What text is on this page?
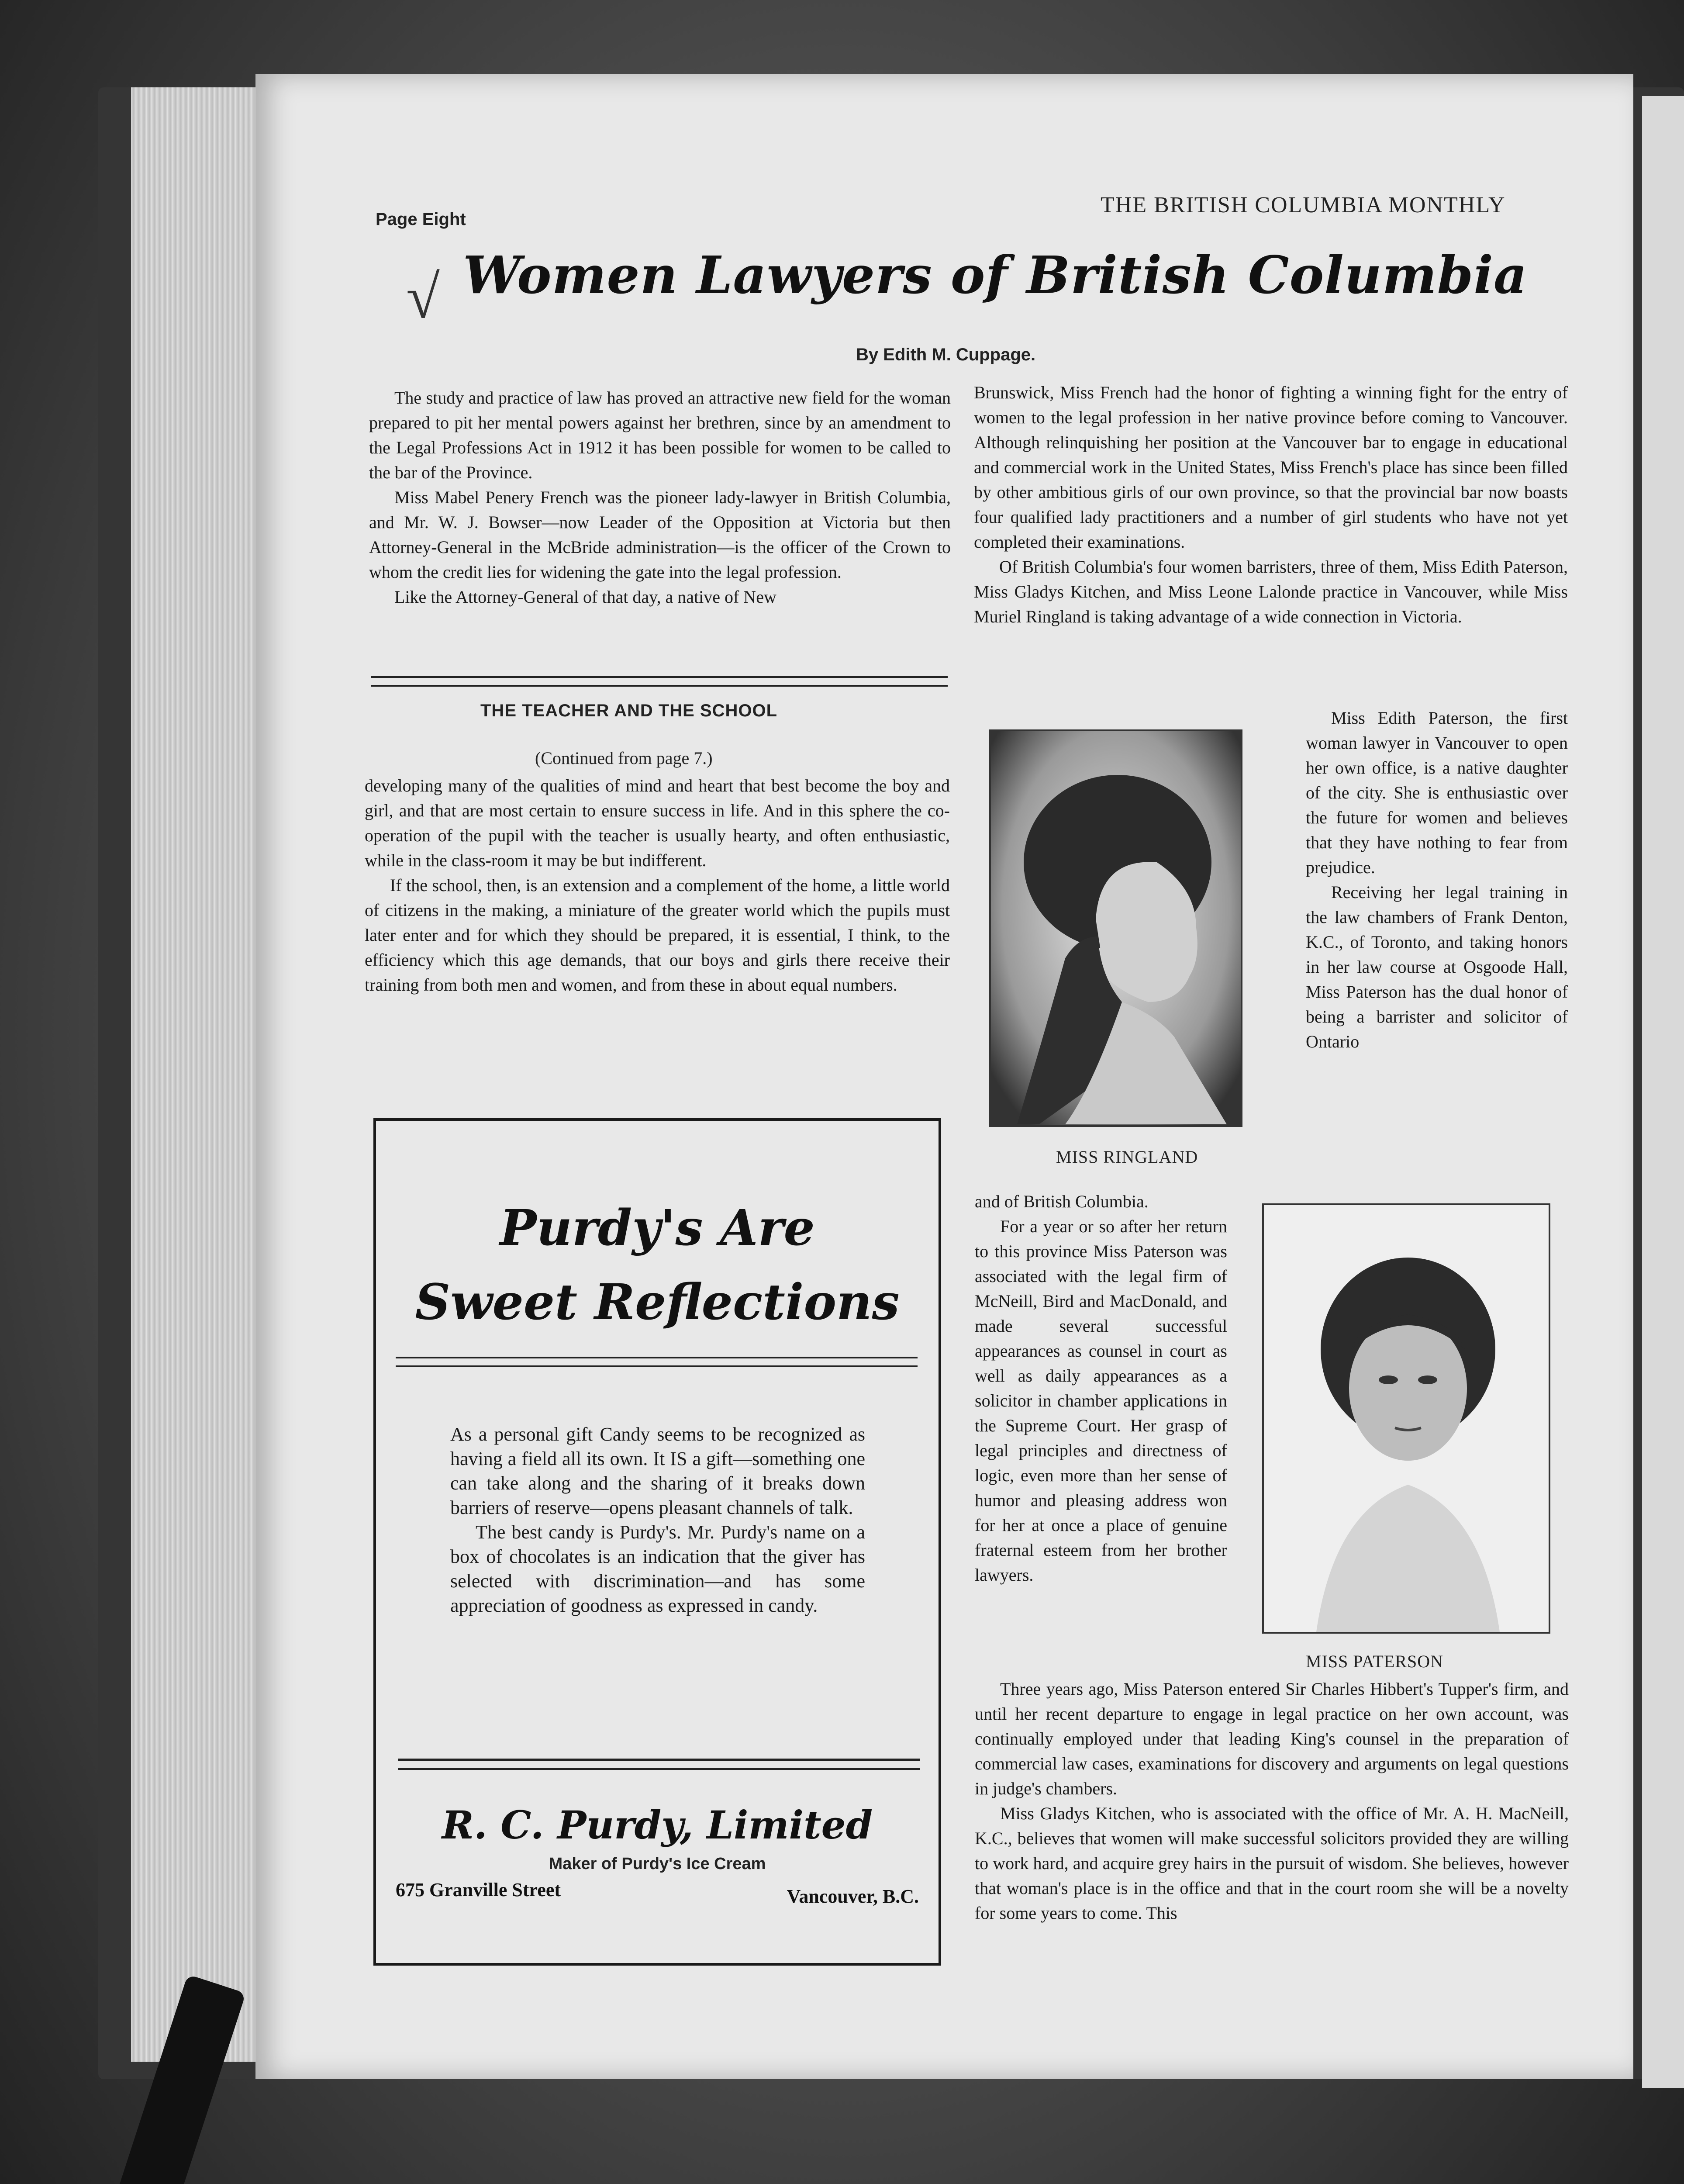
Page Eight
THE BRITISH COLUMBIA MONTHLY
√ Women Lawyers of British Columbia
By Edith M. Cuppage.

The study and practice of law has proved an attractive new field for the woman prepared to pit her mental powers against her brethren, since by an amendment to the Legal Professions Act in 1912 it has been possible for women to be called to the bar of the Province.

Miss Mabel Penery French was the pioneer lady-lawyer in British Columbia, and Mr. W. J. Bowser—now Leader of the Opposition at Victoria but then Attorney-General in the McBride administration—is the officer of the Crown to whom the credit lies for widening the gate into the legal profession.

Like the Attorney-General of that day, a native of New

Brunswick, Miss French had the honor of fighting a winning fight for the entry of women to the legal profession in her native province before coming to Vancouver. Although relinquishing her position at the Vancouver bar to engage in educational and commercial work in the United States, Miss French's place has since been filled by other ambitious girls of our own province, so that the provincial bar now boasts four qualified lady practitioners and a number of girl students who have not yet completed their examinations.

Of British Columbia's four women barristers, three of them, Miss Edith Paterson, Miss Gladys Kitchen, and Miss Leone Lalonde practice in Vancouver, while Miss Muriel Ringland is taking advantage of a wide connection in Victoria.

THE TEACHER AND THE SCHOOL
(Continued from page 7.)

developing many of the qualities of mind and heart that best become the boy and girl, and that are most certain to ensure success in life. And in this sphere the co-operation of the pupil with the teacher is usually hearty, and often enthusiastic, while in the class-room it may be but indifferent.

If the school, then, is an extension and a complement of the home, a little world of citizens in the making, a miniature of the greater world which the pupils must later enter and for which they should be prepared, it is essential, I think, to the efficiency which this age demands, that our boys and girls there receive their training from both men and women, and from these in about equal numbers.

Purdy's Are
Sweet Reflections

As a personal gift Candy seems to be recognized as having a field all its own. It IS a gift—something one can take along and the sharing of it breaks down barriers of reserve—opens pleasant channels of talk.

The best candy is Purdy's. Mr. Purdy's name on a box of chocolates is an indication that the giver has selected with discrimination—and has some appreciation of goodness as expressed in candy.

R. C. Purdy, Limited
Maker of Purdy's Ice Cream
675 Granville Street	Vancouver, B.C.
MISS RINGLAND

Miss Edith Paterson, the first woman lawyer in Vancouver to open her own office, is a native daughter of the city. She is enthusiastic over the future for women and believes that they have nothing to fear from prejudice.

Receiving her legal training in the law chambers of Frank Denton, K.C., of Toronto, and taking honors in her law course at Osgoode Hall, Miss Paterson has the dual honor of being a barrister and solicitor of Ontario

and of British Columbia.

For a year or so after her return to this province Miss Paterson was associated with the legal firm of McNeill, Bird and MacDonald, and made several successful appearances as counsel in court as well as daily appearances as a solicitor in chamber applications in the Supreme Court. Her grasp of legal principles and directness of logic, even more than her sense of humor and pleasing address won for her at once a place of genuine fraternal esteem from her brother lawyers.

MISS PATERSON

Three years ago, Miss Paterson entered Sir Charles Hibbert's Tupper's firm, and until her recent departure to engage in legal practice on her own account, was continually employed under that leading King's counsel in the preparation of commercial law cases, examinations for discovery and arguments on legal questions in judge's chambers.

Miss Gladys Kitchen, who is associated with the office of Mr. A. H. MacNeill, K.C., believes that women will make successful solicitors provided they are willing to work hard, and acquire grey hairs in the pursuit of wisdom. She believes, however that woman's place is in the office and that in the court room she will be a novelty for some years to come. This
